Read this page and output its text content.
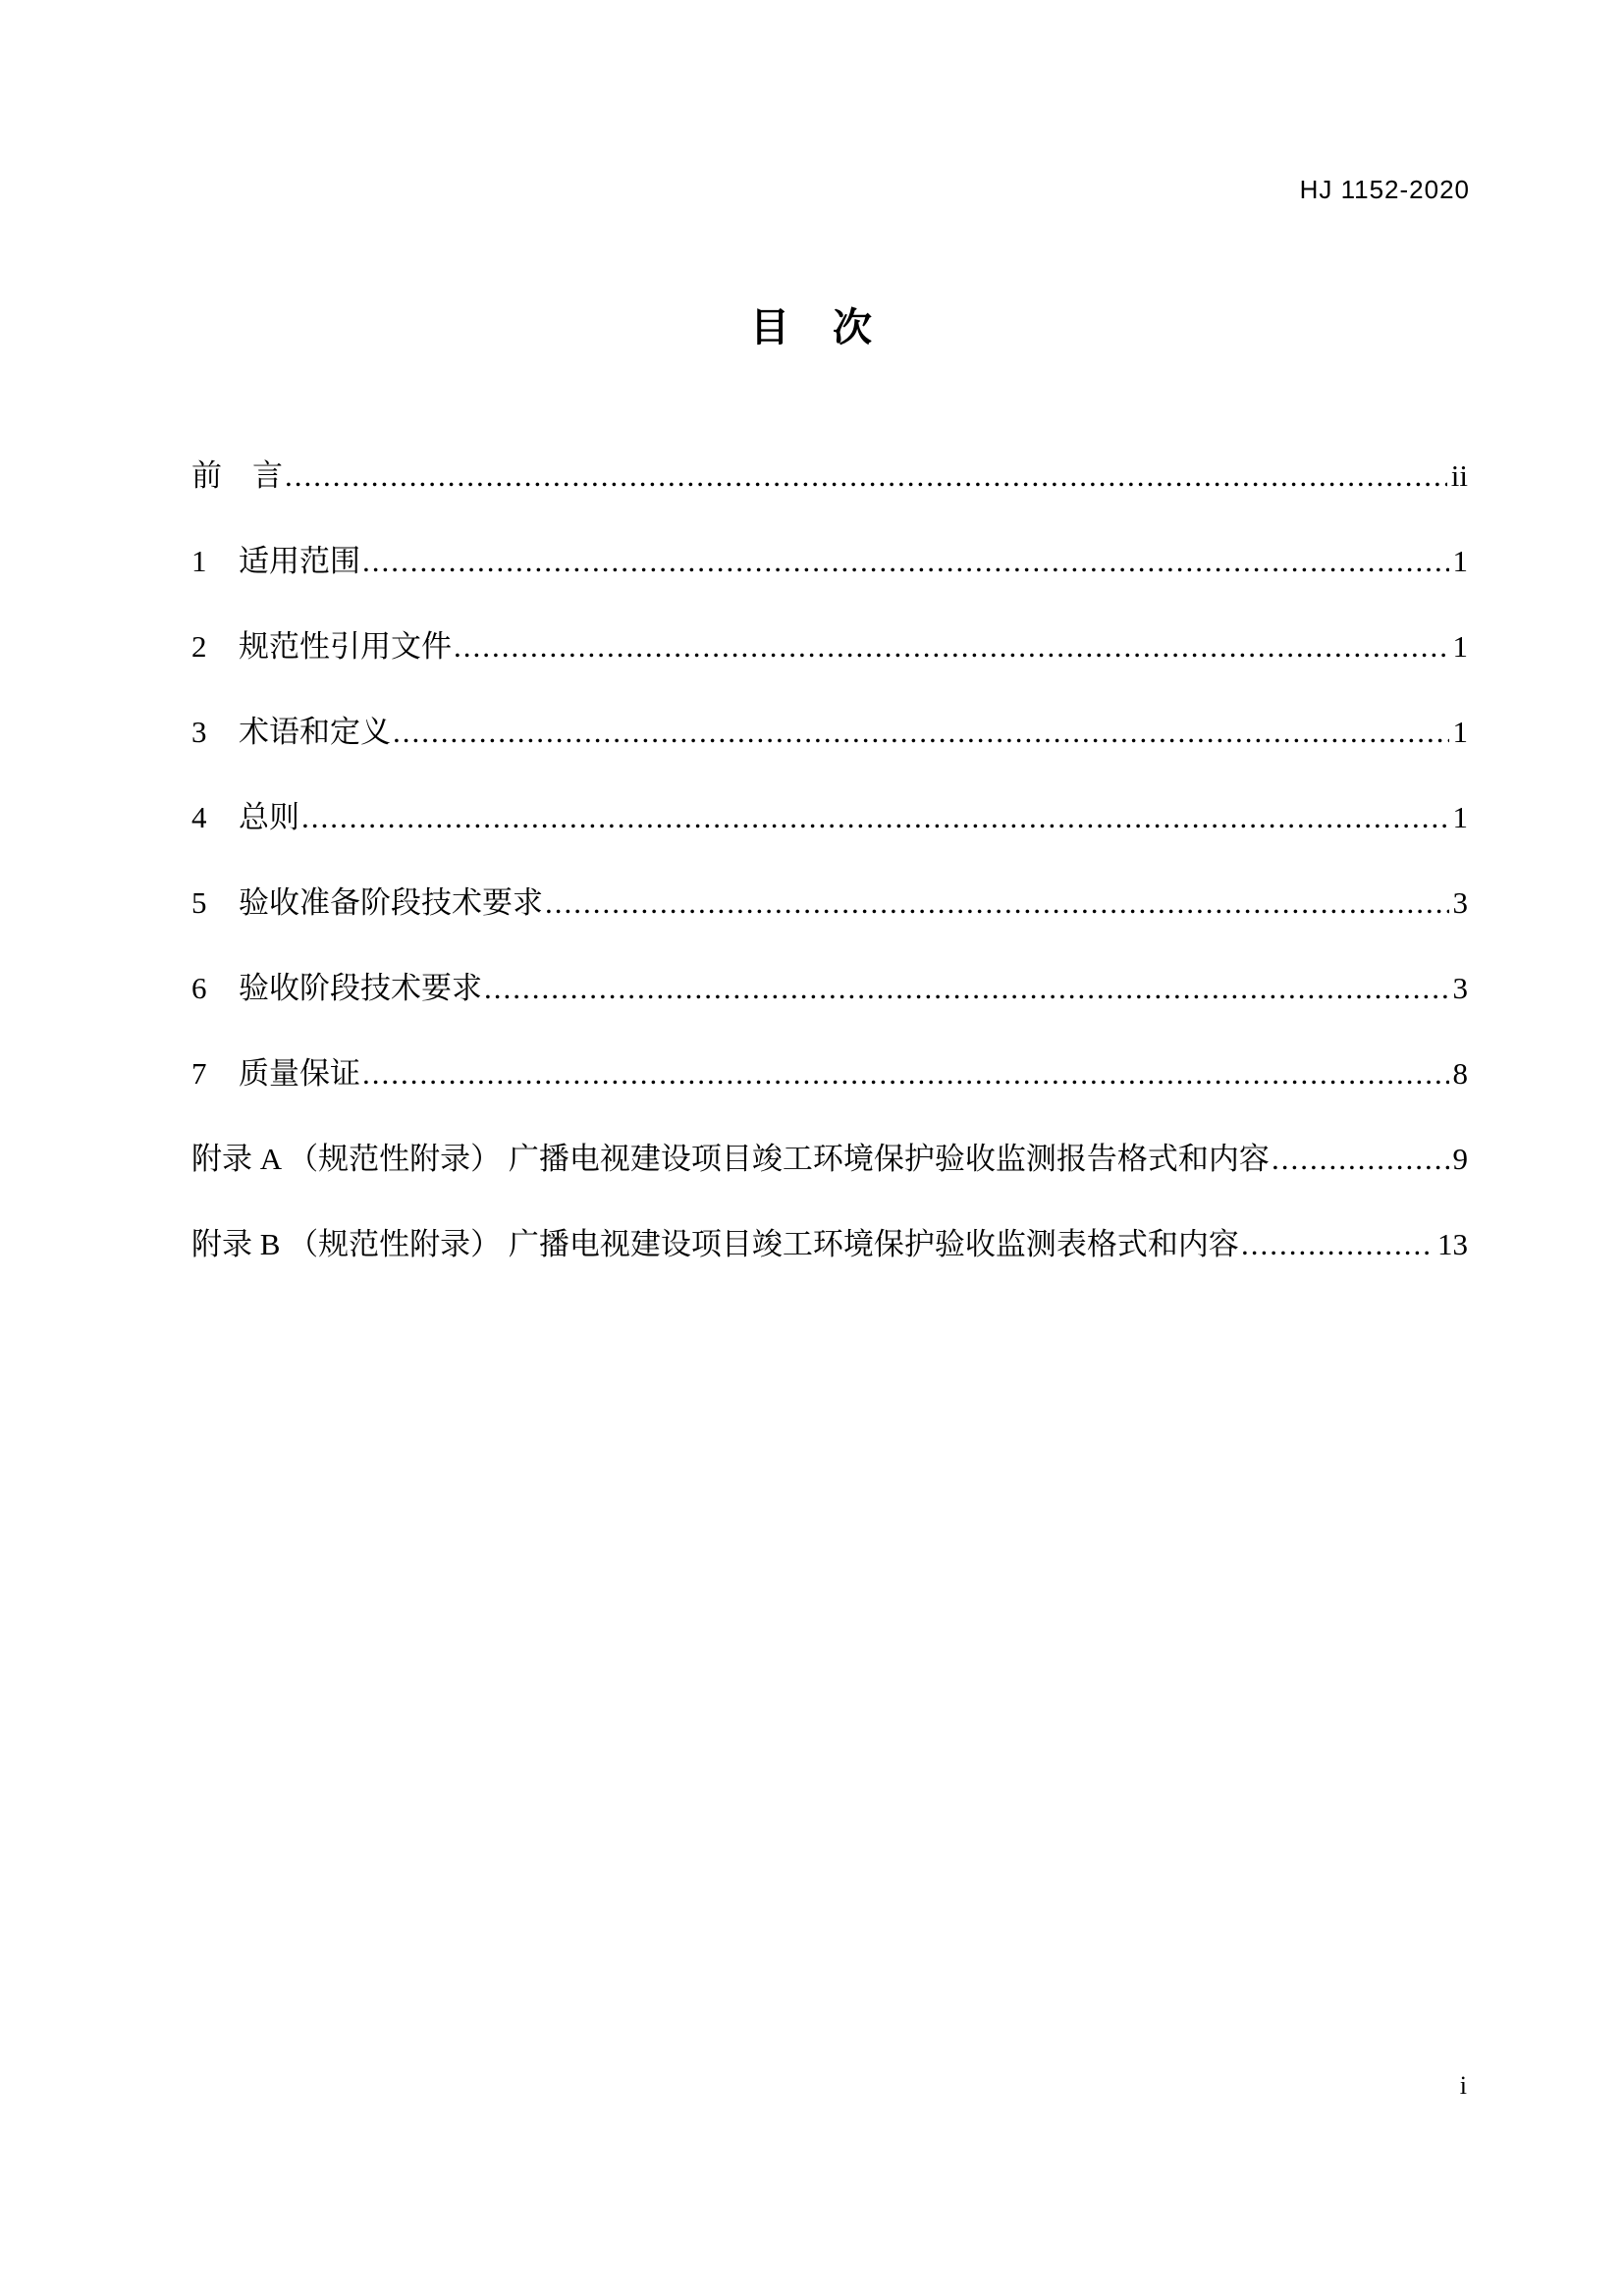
HJ 1152-2020
目　次
前　言 .....	ii
1	适用范围 .....	1
2	规范性引用文件 .....	1
3	术语和定义 .....	1
4	总则 .....	1
5	验收准备阶段技术要求 .....	3
6	验收阶段技术要求 .....	3
7	质量保证 .....	8
附录 A （规范性附录） 广播电视建设项目竣工环境保护验收监测报告格式和内容 .....	9
附录 B （规范性附录） 广播电视建设项目竣工环境保护验收监测表格式和内容 .....	13
i
